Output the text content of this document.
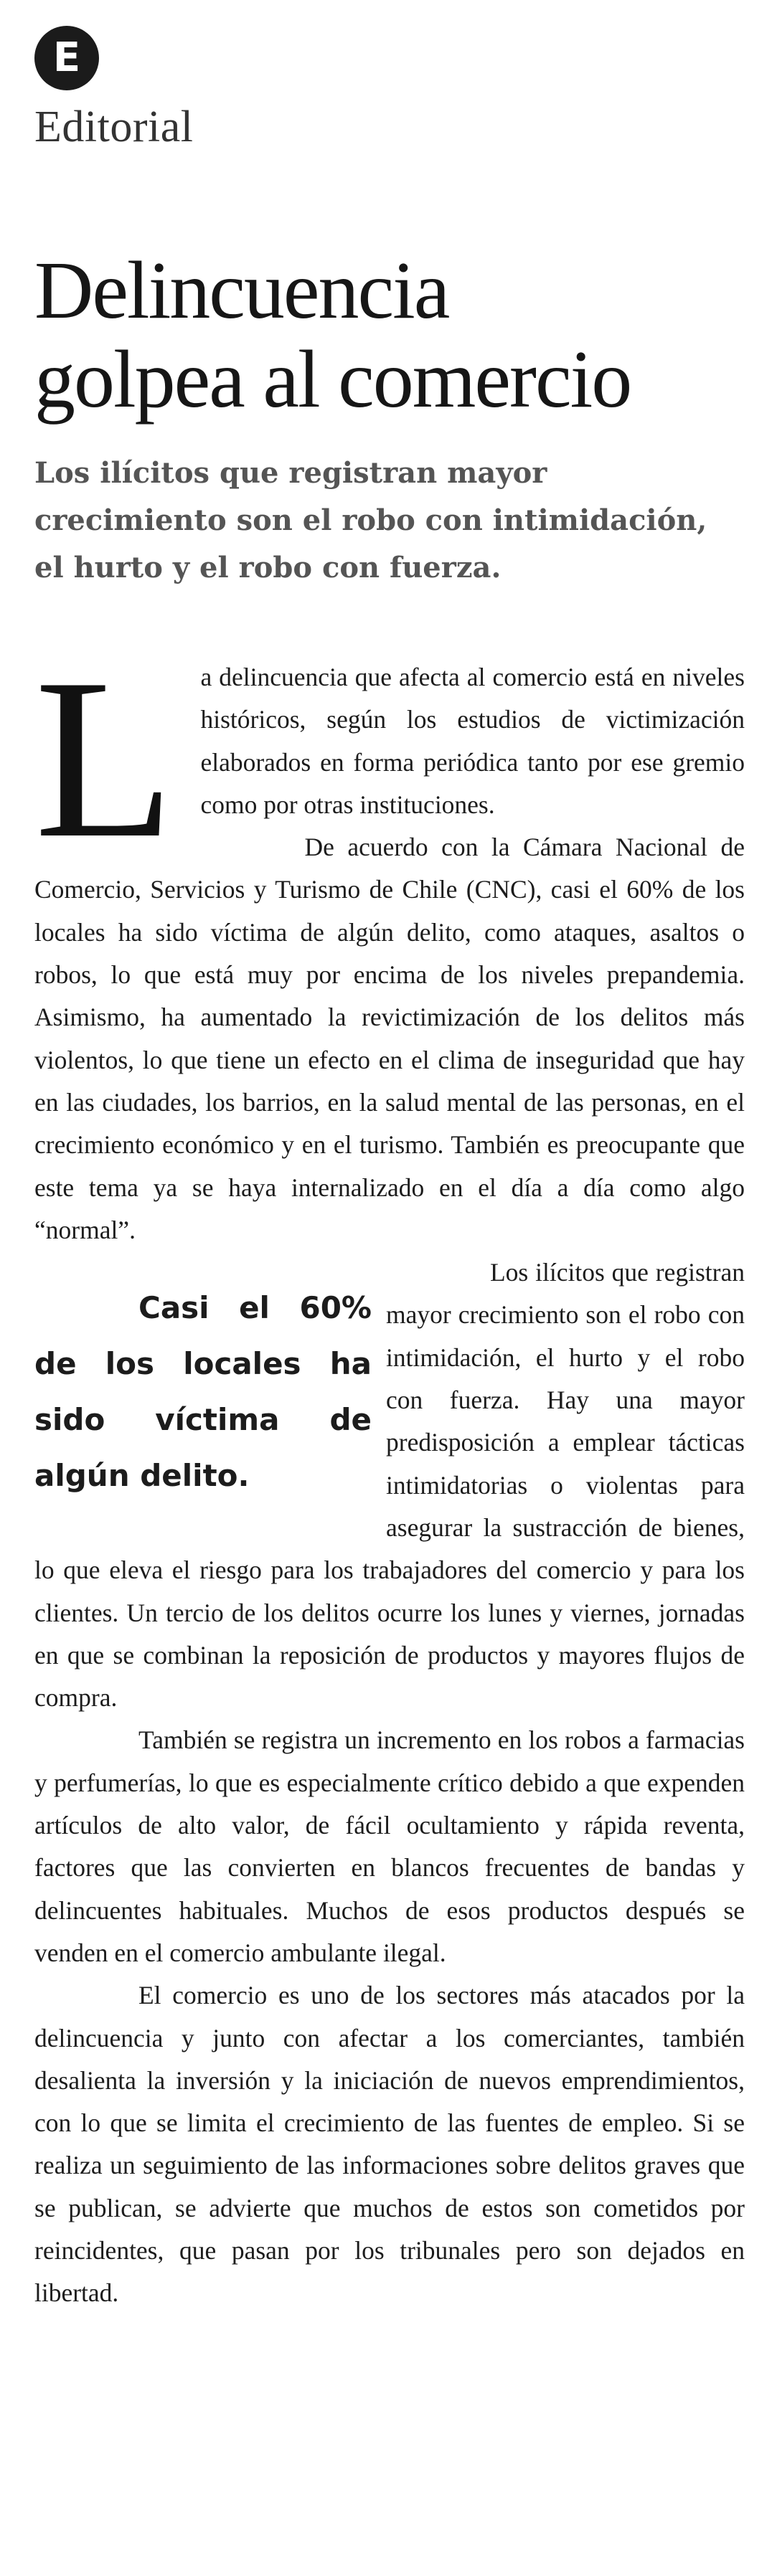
E
Editorial
Delincuencia
golpea al comercio
Los ilícitos que registran mayor crecimiento son el robo con intimidación, el hurto y el robo con fuerza.

L a delincuencia que afecta al comercio está en niveles históricos, según los estudios de victimización elaborados en forma periódica tanto por ese gremio como por otras instituciones.

De acuerdo con la Cámara Nacional de Comercio, Servicios y Turismo de Chile (CNC), casi el 60% de los locales ha sido víctima de algún delito, como ataques, asaltos o robos, lo que está muy por encima de los niveles prepandemia. Asimismo, ha aumentado la revictimización de los delitos más violentos, lo que tiene un efecto en el clima de inseguridad que hay en las ciudades, los barrios, en la salud mental de las personas, en el crecimiento económico y en el turismo. También es preocupante que este tema ya se haya internalizado en el día a día como algo “normal”.

Casi el 60% de los locales ha sido víctima de algún delito.
Los ilícitos que registran mayor crecimiento son el robo con intimidación, el hurto y el robo con fuerza. Hay una mayor predisposición a emplear tácticas intimidatorias o violentas para asegurar la sustracción de bienes, lo que eleva el riesgo para los trabajadores del comercio y para los clientes. Un tercio de los delitos ocurre los lunes y viernes, jornadas en que se combinan la reposición de productos y mayores flujos de compra.

También se registra un incremento en los robos a farmacias y perfumerías, lo que es especialmente crítico debido a que expenden artículos de alto valor, de fácil ocultamiento y rápida reventa, factores que las convierten en blancos frecuentes de bandas y delincuentes habituales. Muchos de esos productos después se venden en el comercio ambulante ilegal.

El comercio es uno de los sectores más atacados por la delincuencia y junto con afectar a los comerciantes, también desalienta la inversión y la iniciación de nuevos emprendimientos, con lo que se limita el crecimiento de las fuentes de empleo. Si se realiza un seguimiento de las informaciones sobre delitos graves que se publican, se advierte que muchos de estos son cometidos por reincidentes, que pasan por los tribunales pero son dejados en libertad.
